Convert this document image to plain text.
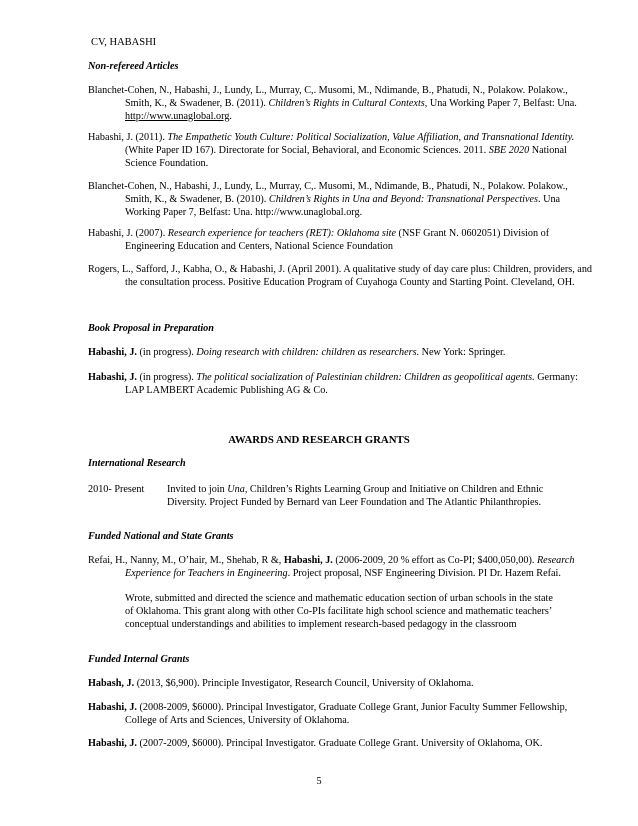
CV, HABASHI
Non-refereed Articles
Blanchet-Cohen, N., Habashi, J., Lundy, L., Murray, C,. Musomi, M., Ndimande, B., Phatudi, N., Polakow. Polakow., Smith, K., & Swadener, B. (2011). Children’s Rights in Cultural Contexts, Una Working Paper 7, Belfast: Una. http://www.unaglobal.org.
Habashi, J. (2011). The Empathetic Youth Culture: Political Socialization, Value Affiliation, and Transnational Identity. (White Paper ID 167). Directorate for Social, Behavioral, and Economic Sciences. 2011. SBE 2020 National Science Foundation.
Blanchet-Cohen, N., Habashi, J., Lundy, L., Murray, C,. Musomi, M., Ndimande, B., Phatudi, N., Polakow. Polakow., Smith, K., & Swadener, B. (2010). Children’s Rights in Una and Beyond: Transnational Perspectives. Una Working Paper 7, Belfast: Una. http://www.unaglobal.org.
Habashi, J. (2007). Research experience for teachers (RET): Oklahoma site (NSF Grant N. 0602051) Division of Engineering Education and Centers, National Science Foundation
Rogers, L., Safford, J., Kabha, O., & Habashi, J. (April 2001). A qualitative study of day care plus: Children, providers, and the consultation process. Positive Education Program of Cuyahoga County and Starting Point. Cleveland, OH.
Book Proposal in Preparation
Habashi, J. (in progress). Doing research with children: children as researchers. New York: Springer.
Habashi, J. (in progress). The political socialization of Palestinian children: Children as geopolitical agents. Germany: LAP LAMBERT Academic Publishing AG & Co.
AWARDS AND RESEARCH GRANTS
International Research
2010- Present	Invited to join Una, Children’s Rights Learning Group and Initiative on Children and Ethnic Diversity. Project Funded by Bernard van Leer Foundation and The Atlantic Philanthropies.
Funded National and State Grants
Refai, H., Nanny, M., O’hair, M., Shehab, R &, Habashi, J. (2006-2009, 20 % effort as Co-PI; $400,050,00). Research Experience for Teachers in Engineering. Project proposal, NSF Engineering Division. PI Dr. Hazem Refai.
Wrote, submitted and directed the science and mathematic education section of urban schools in the state of Oklahoma. This grant along with other Co-PIs facilitate high school science and mathematic teachers’ conceptual understandings and abilities to implement research-based pedagogy in the classroom
Funded Internal Grants
Habash, J. (2013, $6,900). Principle Investigator, Research Council, University of Oklahoma.
Habashi, J. (2008-2009, $6000). Principal Investigator, Graduate College Grant, Junior Faculty Summer Fellowship, College of Arts and Sciences, University of Oklahoma.
Habashi, J. (2007-2009, $6000). Principal Investigator. Graduate College Grant. University of Oklahoma, OK.
5
